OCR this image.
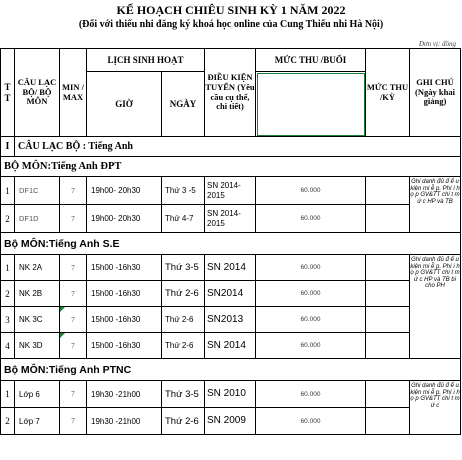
KẾ HOẠCH CHIÊU SINH KỲ 1 NĂM 2022
(Đối với thiếu nhi đăng ký khoá học online của Cung Thiếu nhi Hà Nội)
Đơn vị: đồng
T T	CÂU LẠC BỘ/ BỘ MÔN	MIN / MAX	LỊCH SINH HOẠT		ĐIỀU KIỆN TUYỂN (Yêu cầu cụ thể, chi tiết)	MỨC THU /BUỔI	MỨC THU /KỲ	GHI CHÚ (Ngày khai giảng)
			GIỜ	NGÀY				
I	CÂU LẠC BỘ : Tiếng Anh							
BỘ MÔN:Tiếng Anh ĐPT								
1	DF1C	7	19h00- 20h30	Thứ 3 -5	SN 2014-2015	60.000		Ghi danh đủ đ ể u kiện mi ễ p. Phí i h ọ p GV&TT chi t m ứ c HP và TB
2	DF1D	7	19h00- 20h30	Thứ 4-7	SN 2014-2015	60.000		
Bộ MÔN:Tiếng Anh S.E								
1	NK 2A	7	15h00 -16h30	Thứ 3-5	SN 2014	60.000		Ghi danh đủ đ ể u kiện mi ễ p. Phí i h ọ p GV&TT chi t m ứ c HP và TB bi cho PH
2	NK 2B	7	15h00 -16h30	Thứ 2-6	SN2014	60.000		
3	NK 3C	7	15h00 -16h30	Thứ 2-6	SN2013	60.000		
4	NK 3D	7	15h00 -16h30	Thứ 2-6	SN 2014	60.000		
Bộ MÔN:Tiếng Anh PTNC								
1	Lớp 6	7	19h30 -21h00	Thứ 3-5	SN 2010	60.000		Ghi danh đủ đ ể u kiện mi ễ p. Phí i h ọ p GV&TT chi t m ứ c
2	Lớp 7	7	19h30 -21h00	Thứ 2-6	SN 2009	60.000		
